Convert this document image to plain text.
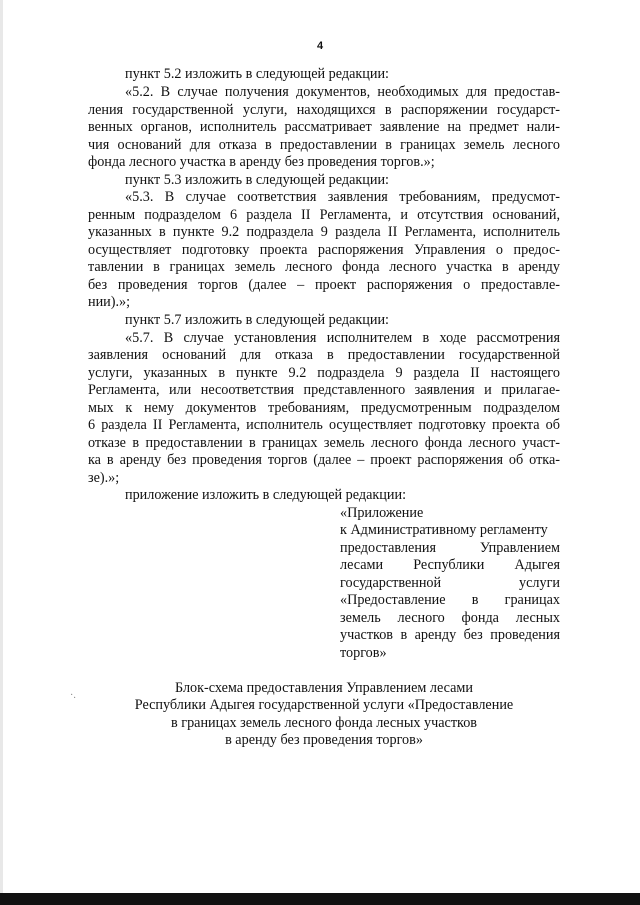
4
пункт 5.2 изложить в следующей редакции:
«5.2. В случае получения документов, необходимых для предостав-
ления государственной услуги, находящихся в распоряжении государст-
венных органов, исполнитель рассматривает заявление на предмет нали-
чия оснований для отказа в предоставлении в границах земель лесного
фонда лесного участка в аренду без проведения торгов.»;
пункт 5.3 изложить в следующей редакции:
«5.3. В случае соответствия заявления требованиям, предусмот-
ренным подразделом 6 раздела II Регламента, и отсутствия оснований,
указанных в пункте 9.2 подраздела 9 раздела II Регламента, исполнитель
осуществляет подготовку проекта распоряжения Управления о предос-
тавлении в границах земель лесного фонда лесного участка в аренду
без проведения торгов (далее – проект распоряжения о предоставле-
нии).»;
пункт 5.7 изложить в следующей редакции:
«5.7. В случае установления исполнителем в ходе рассмотрения
заявления оснований для отказа в предоставлении государственной
услуги, указанных в пункте 9.2 подраздела 9 раздела II настоящего
Регламента, или несоответствия представленного заявления и прилагае-
мых к нему документов требованиям, предусмотренным подразделом
6 раздела II Регламента, исполнитель осуществляет подготовку проекта об
отказе в предоставлении в границах земель лесного фонда лесного участ-
ка в аренду без проведения торгов (далее – проект распоряжения об отка-
зе).»;
приложение изложить в следующей редакции:
«Приложение
к Административному регламенту
предоставления Управлением
лесами Республики Адыгея
государственной услуги
«Предоставление в границах
земель лесного фонда лесных
участков в аренду без проведения
торгов»
·.	Блок-схема предоставления Управлением лесами
Республики Адыгея государственной услуги «Предоставление
в границах земель лесного фонда лесных участков
в аренду без проведения торгов»
